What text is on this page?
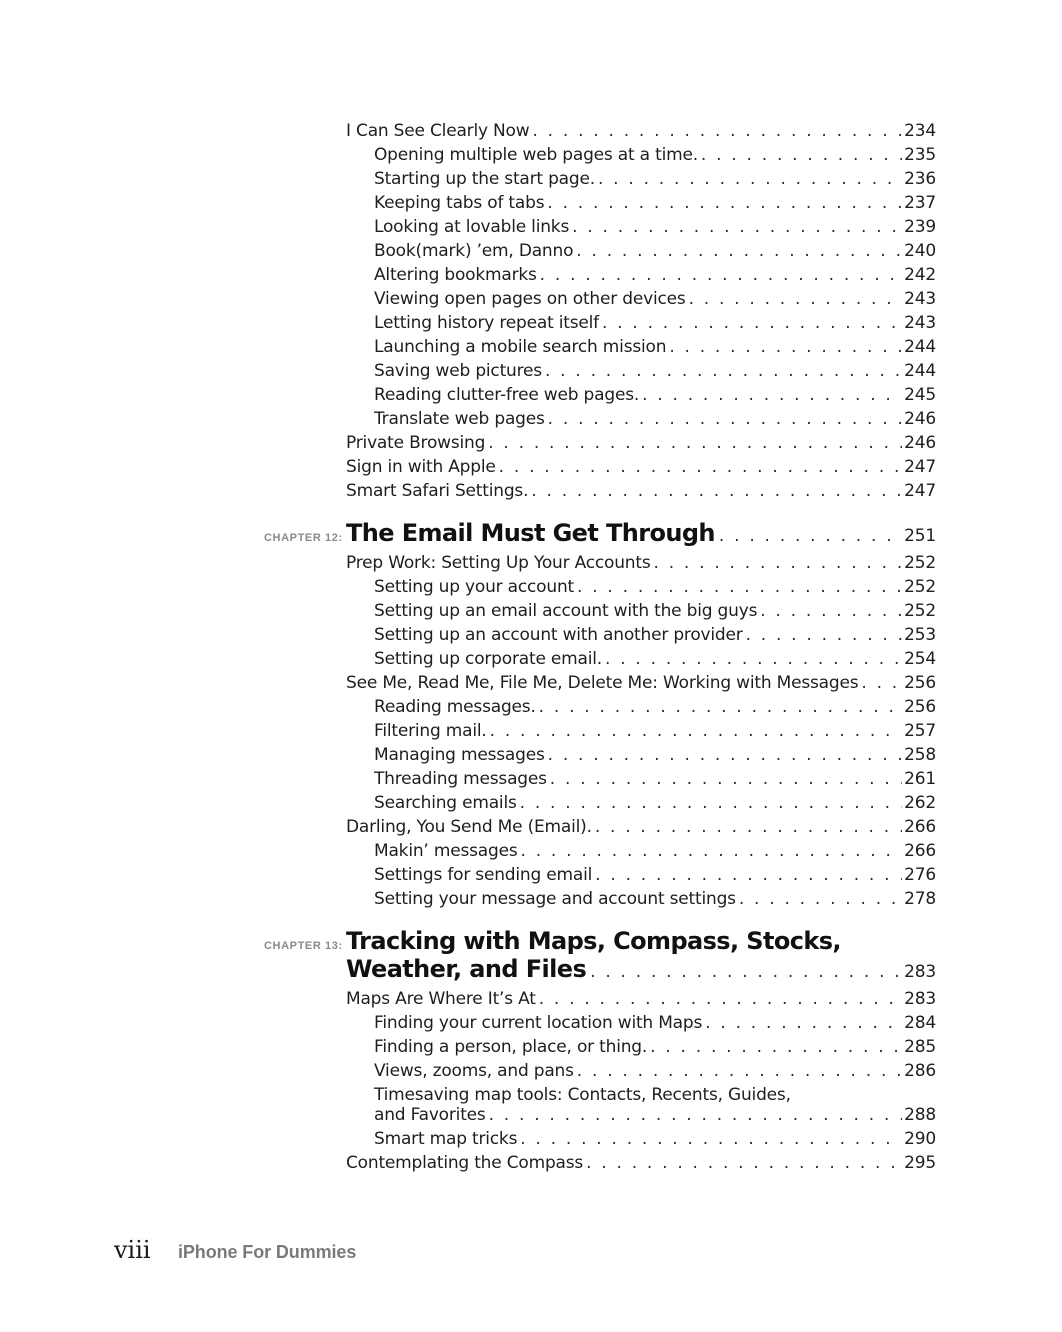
I Can See Clearly Now . . .	234
Opening multiple web pages at a time. . . .	235
Starting up the start page. . . .	236
Keeping tabs of tabs . . .	237
Looking at lovable links . . .	239
Book(mark) ’em, Danno . . .	240
Altering bookmarks . . .	242
Viewing open pages on other devices . . .	243
Letting history repeat itself . . .	243
Launching a mobile search mission . . .	244
Saving web pictures . . .	244
Reading clutter-free web pages. . . .	245
Translate web pages . . .	246
Private Browsing . . .	246
Sign in with Apple . . .	247
Smart Safari Settings. . . .	247
CHAPTER 12: The Email Must Get Through . . .	251
Prep Work: Setting Up Your Accounts . . .	252
Setting up your account . . .	252
Setting up an email account with the big guys . . .	252
Setting up an account with another provider . . .	253
Setting up corporate email. . . .	254
See Me, Read Me, File Me, Delete Me: Working with Messages . . .	256
Reading messages. . . .	256
Filtering mail. . . .	257
Managing messages . . .	258
Threading messages . . .	261
Searching emails . . .	262
Darling, You Send Me (Email). . . .	266
Makin’ messages . . .	266
Settings for sending email . . .	276
Setting your message and account settings . . .	278
CHAPTER 13: Tracking with Maps, Compass, Stocks,
Weather, and Files . . .	283
Maps Are Where It’s At . . .	283
Finding your current location with Maps . . .	284
Finding a person, place, or thing. . . .	285
Views, zooms, and pans . . .	286
Timesaving map tools: Contacts, Recents, Guides,
and Favorites . . .	288
Smart map tricks . . .	290
Contemplating the Compass . . .	295
viii iPhone For Dummies
